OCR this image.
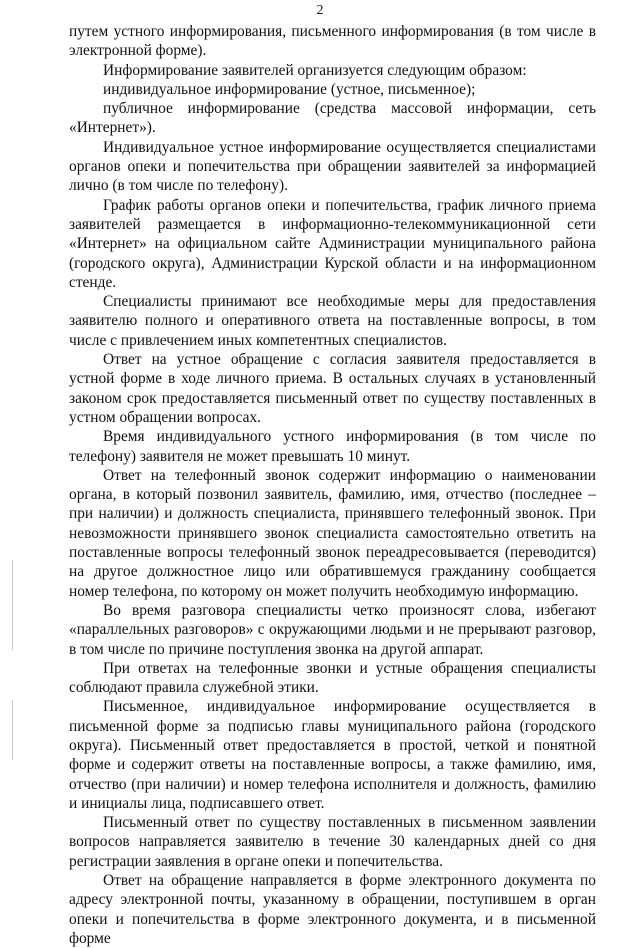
2

путем устного информирования, письменного информирования (в том числе в электронной форме).

Информирование заявителей организуется следующим образом:

индивидуальное информирование (устное, письменное);

публичное информирование (средства массовой информации, сеть «Интернет»).

Индивидуальное устное информирование осуществляется специалистами органов опеки и попечительства при обращении заявителей за информацией лично (в том числе по телефону).

График работы органов опеки и попечительства, график личного приема заявителей размещается в информационно-телекоммуникационной сети «Интернет» на официальном сайте Администрации муниципального района (городского округа), Администрации Курской области и на информационном стенде.

Специалисты принимают все необходимые меры для предоставления заявителю полного и оперативного ответа на поставленные вопросы, в том числе с привлечением иных компетентных специалистов.

Ответ на устное обращение с согласия заявителя предоставляется в устной форме в ходе личного приема. В остальных случаях в установленный законом срок предоставляется письменный ответ по существу поставленных в устном обращении вопросах.

Время индивидуального устного информирования (в том числе по телефону) заявителя не может превышать 10 минут.

Ответ на телефонный звонок содержит информацию о наименовании органа, в который позвонил заявитель, фамилию, имя, отчество (последнее – при наличии) и должность специалиста, принявшего телефонный звонок. При невозможности принявшего звонок специалиста самостоятельно ответить на поставленные вопросы телефонный звонок переадресовывается (переводится) на другое должностное лицо или обратившемуся гражданину сообщается номер телефона, по которому он может получить необходимую информацию.

Во время разговора специалисты четко произносят слова, избегают «параллельных разговоров» с окружающими людьми и не прерывают разговор, в том числе по причине поступления звонка на другой аппарат.

При ответах на телефонные звонки и устные обращения специалисты соблюдают правила служебной этики.

Письменное, индивидуальное информирование осуществляется в письменной форме за подписью главы муниципального района (городского округа). Письменный ответ предоставляется в простой, четкой и понятной форме и содержит ответы на поставленные вопросы, а также фамилию, имя, отчество (при наличии) и номер телефона исполнителя и должность, фамилию и инициалы лица, подписавшего ответ.

Письменный ответ по существу поставленных в письменном заявлении вопросов направляется заявителю в течение 30 календарных дней со дня регистрации заявления в органе опеки и попечительства.

Ответ на обращение направляется в форме электронного документа по адресу электронной почты, указанному в обращении, поступившем в орган опеки и попечительства в форме электронного документа, и в письменной форме
